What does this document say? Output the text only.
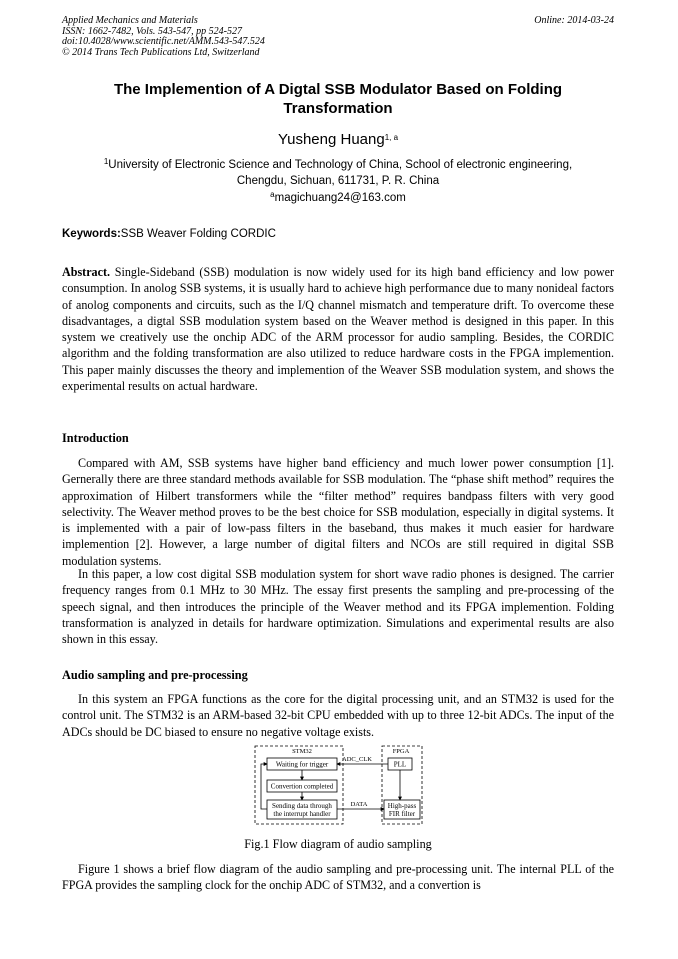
Applied Mechanics and Materials
ISSN: 1662-7482, Vols. 543-547, pp 524-527
doi:10.4028/www.scientific.net/AMM.543-547.524
© 2014 Trans Tech Publications Ltd, Switzerland
Online: 2014-03-24
The Implemention of A Digtal SSB Modulator Based on Folding Transformation
Yusheng Huang$^{1, a}$
$^1$University of Electronic Science and Technology of China, School of electronic engineering,
Chengdu, Sichuan, 611731, P. R. China
$^a$magichuang24@163.com
Keywords:SSB Weaver Folding CORDIC

Abstract. Single-Sideband (SSB) modulation is now widely used for its high band efficiency and low power consumption. In anolog SSB systems, it is usually hard to achieve high performance due to many nonideal factors of anolog components and circuits, such as the I/Q channel mismatch and temperature drift. To overcome these disadvantages, a digtal SSB modulation system based on the Weaver method is designed in this paper. In this system we creatively use the onchip ADC of the ARM processor for audio sampling. Besides, the CORDIC algorithm and the folding transformation are also utilized to reduce hardware costs in the FPGA implemention. This paper mainly discusses the theory and implemention of the Weaver SSB modulation system, and shows the experimental results on actual hardware.

Introduction

Compared with AM, SSB systems have higher band efficiency and much lower power consumption [1]. Gernerally there are three standard methods available for SSB modulation. The “phase shift method” requires the approximation of Hilbert transformers while the “filter method” requires bandpass filters with very good selectivity. The Weaver method proves to be the best choice for SSB modulation, especially in digital systems. It is implemented with a pair of low-pass filters in the baseband, thus makes it much easier for hardware implemention [2]. However, a large number of digital filters and NCOs are still required in digital SSB modulation systems.

In this paper, a low cost digital SSB modulation system for short wave radio phones is designed. The carrier frequency ranges from 0.1 MHz to 30 MHz. The essay first presents the sampling and pre-processing of the speech signal, and then introduces the principle of the Weaver method and its FPGA implemention. Folding transformation is analyzed in details for hardware optimization. Simulations and experimental results are also shown in this essay.

Audio sampling and pre-processing

In this system an FPGA functions as the core for the digital processing unit, and an STM32 is used for the control unit. The STM32 is an ARM-based 32-bit CPU embedded with up to three 12-bit ADCs. The input of the ADCs should be DC biased to ensure no negative voltage exists.

STM32	FPGA
Waiting for trigger
Convertion completed
Sending data through
the interrupt handler
PLL
High-pass
FIR filter
ADC_CLK
DATA
Fig.1 Flow diagram of audio sampling

Figure 1 shows a brief flow diagram of the audio sampling and pre-processing unit. The internal PLL of the FPGA provides the sampling clock for the onchip ADC of STM32, and a convertion is
